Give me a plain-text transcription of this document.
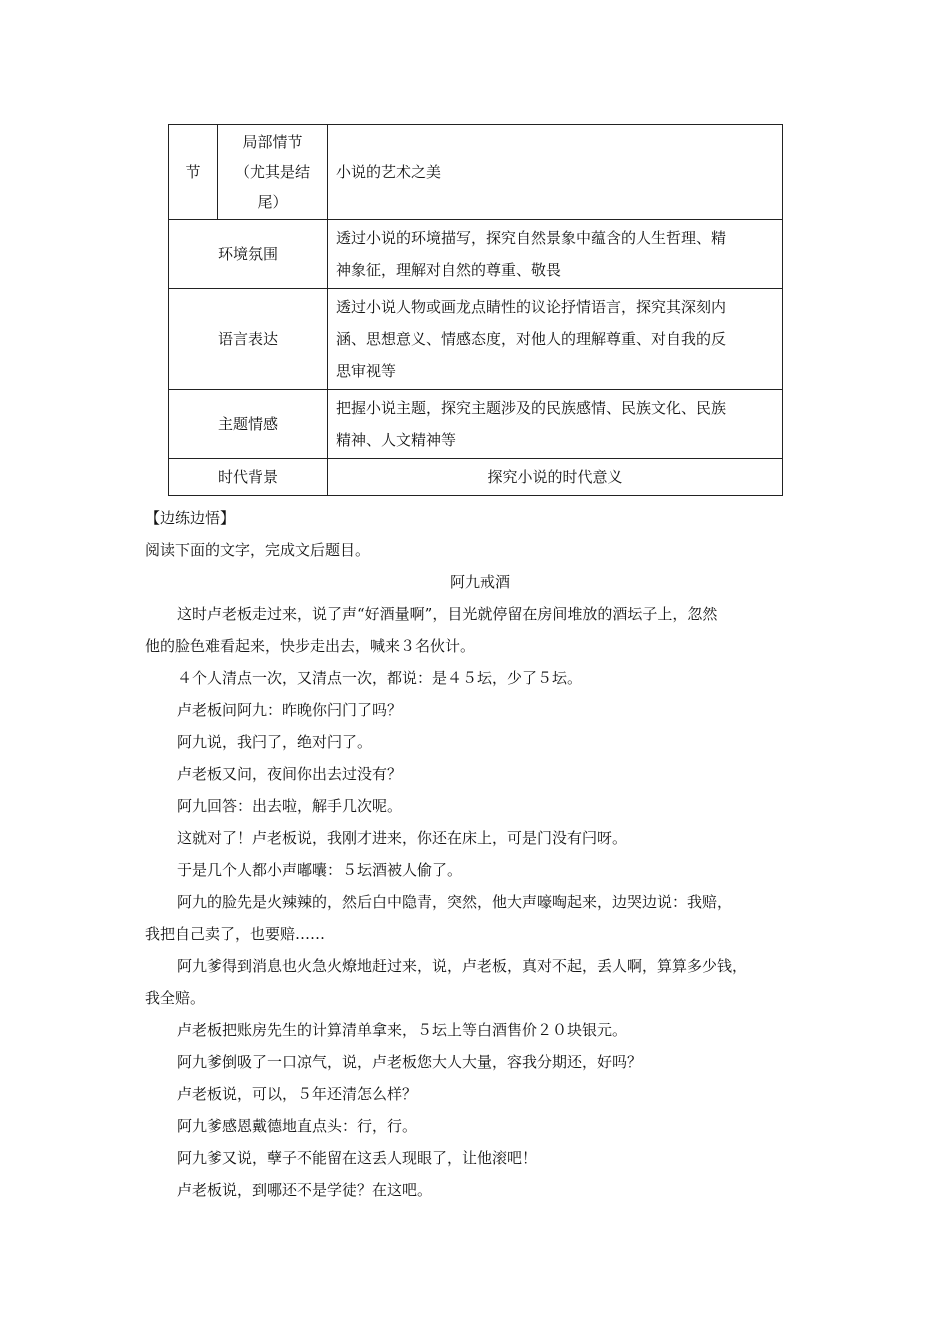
节	局部情节
（尤其是结
尾）	小说的艺术之美
环境氛围		透过小说的环境描写，探究自然景象中蕴含的人生哲理、精
神象征，理解对自然的尊重、敬畏

语言表达		透过小说人物或画龙点睛性的议论抒情语言，探究其深刻内
涵、思想意义、情感态度，对他人的理解尊重、对自我的反
思审视等

主题情感		把握小说主题，探究主题涉及的民族感情、民族文化、民族
精神、人文精神等

时代背景		探究小说的时代意义
【边练边悟】
阅读下面的文字，完成文后题目。
阿九戒酒
这时卢老板走过来，说了声“好酒量啊”，目光就停留在房间堆放的酒坛子上，忽然
他的脸色难看起来，快步走出去，喊来３名伙计。
４个人清点一次，又清点一次，都说：是４５坛，少了５坛。
卢老板问阿九：昨晚你闩门了吗？
阿九说，我闩了，绝对闩了。
卢老板又问，夜间你出去过没有？
阿九回答：出去啦，解手几次呢。
这就对了！卢老板说，我刚才进来，你还在床上，可是门没有闩呀。
于是几个人都小声嘟囔：５坛酒被人偷了。
阿九的脸先是火辣辣的，然后白中隐青，突然，他大声嚎啕起来，边哭边说：我赔，
我把自己卖了，也要赔……
阿九爹得到消息也火急火燎地赶过来，说，卢老板，真对不起，丢人啊，算算多少钱，
我全赔。
卢老板把账房先生的计算清单拿来，５坛上等白酒售价２０块银元。
阿九爹倒吸了一口凉气，说，卢老板您大人大量，容我分期还，好吗？
卢老板说，可以，５年还清怎么样？
阿九爹感恩戴德地直点头：行，行。
阿九爹又说，孽子不能留在这丢人现眼了，让他滚吧！
卢老板说，到哪还不是学徒？在这吧。
